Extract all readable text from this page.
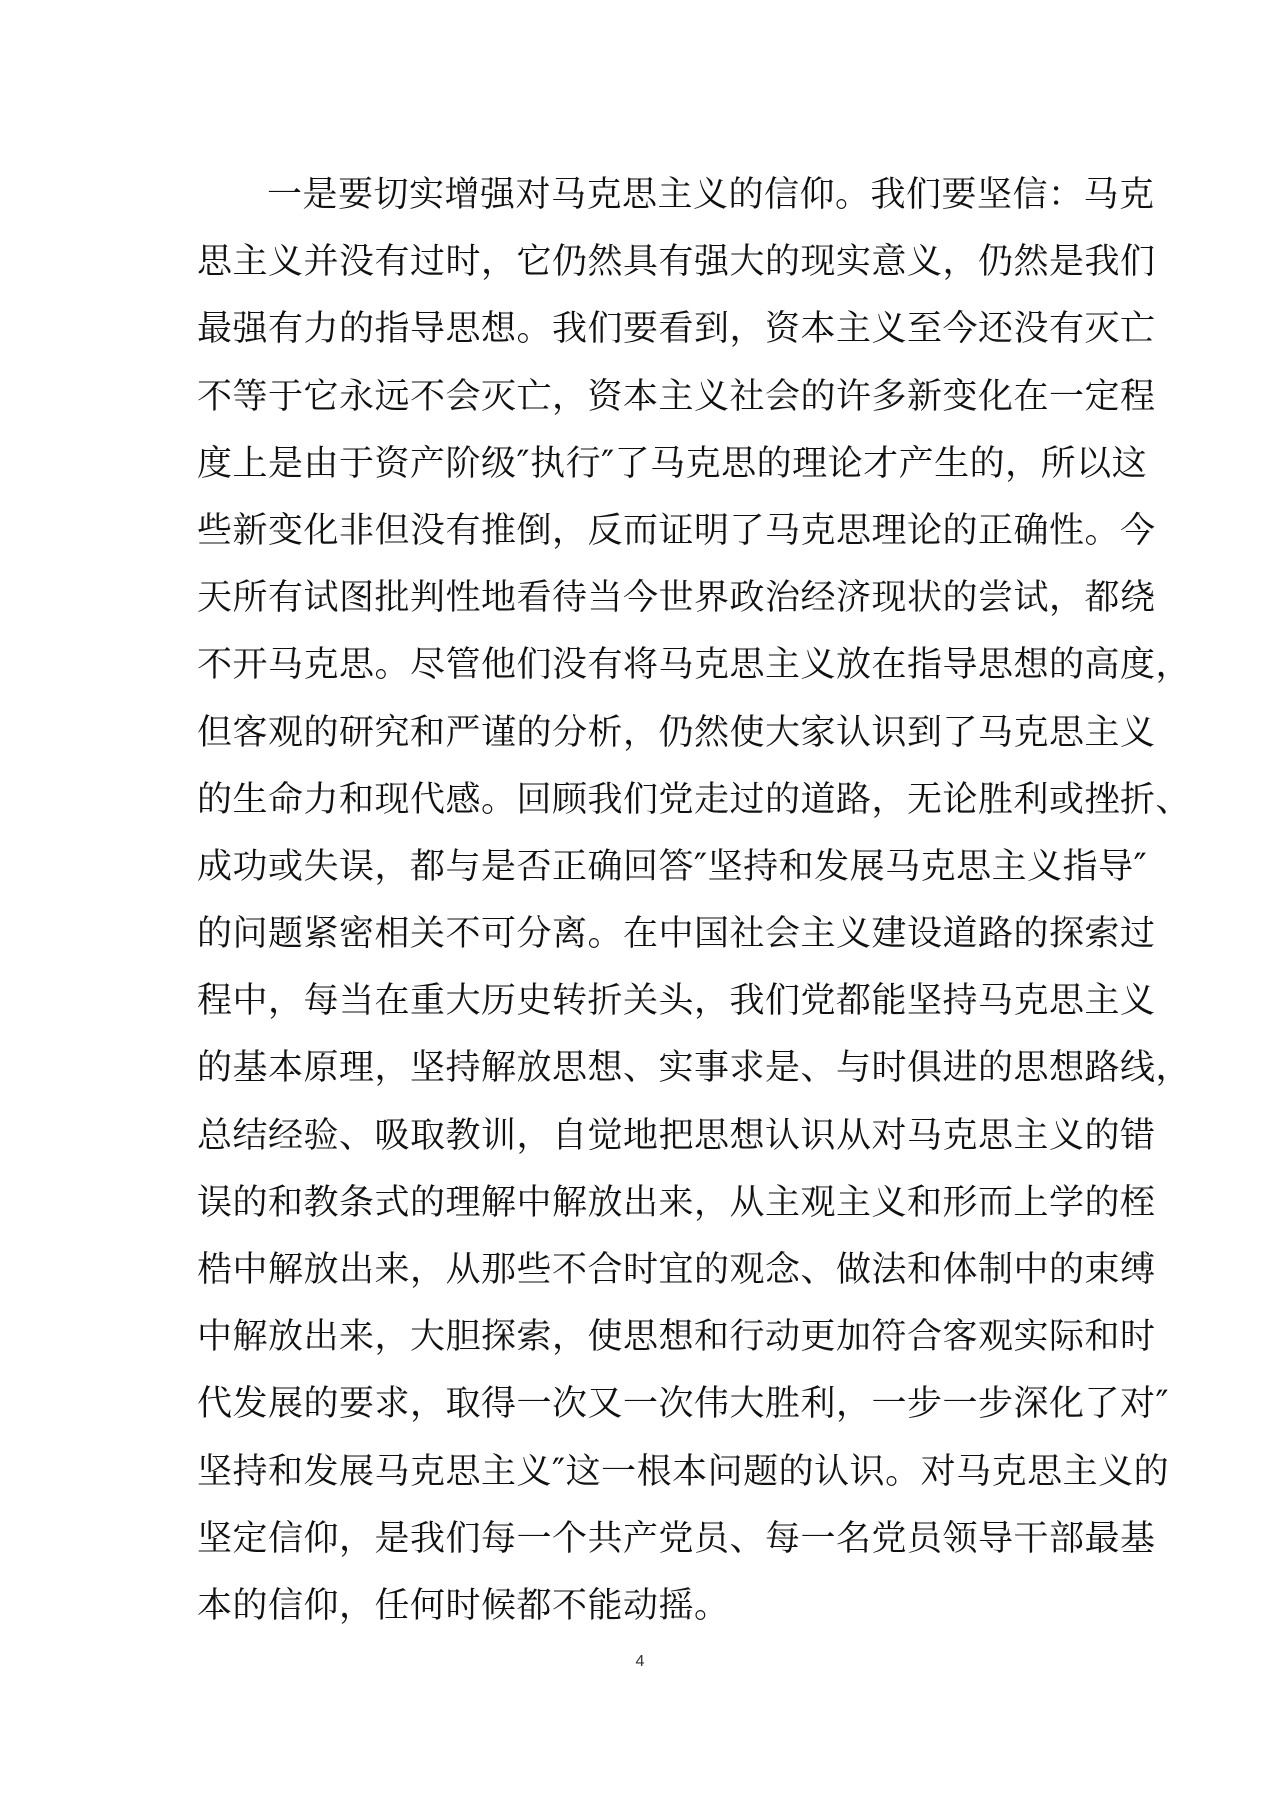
一是要切实增强对马克思主义的信仰。我们要坚信：马克
思主义并没有过时，它仍然具有强大的现实意义，仍然是我们
最强有力的指导思想。我们要看到，资本主义至今还没有灭亡
不等于它永远不会灭亡，资本主义社会的许多新变化在一定程
度上是由于资产阶级″执行″了马克思的理论才产生的，所以这
些新变化非但没有推倒，反而证明了马克思理论的正确性。今
天所有试图批判性地看待当今世界政治经济现状的尝试，都绕
不开马克思。尽管他们没有将马克思主义放在指导思想的高度，
但客观的研究和严谨的分析，仍然使大家认识到了马克思主义
的生命力和现代感。回顾我们党走过的道路，无论胜利或挫折、
成功或失误，都与是否正确回答″坚持和发展马克思主义指导″
的问题紧密相关不可分离。在中国社会主义建设道路的探索过
程中，每当在重大历史转折关头，我们党都能坚持马克思主义
的基本原理，坚持解放思想、实事求是、与时俱进的思想路线，
总结经验、吸取教训，自觉地把思想认识从对马克思主义的错
误的和教条式的理解中解放出来，从主观主义和形而上学的桎
梏中解放出来，从那些不合时宜的观念、做法和体制中的束缚
中解放出来，大胆探索，使思想和行动更加符合客观实际和时
代发展的要求，取得一次又一次伟大胜利，一步一步深化了对″
坚持和发展马克思主义″这一根本问题的认识。对马克思主义的
坚定信仰，是我们每一个共产党员、每一名党员领导干部最基
本的信仰，任何时候都不能动摇。
4
